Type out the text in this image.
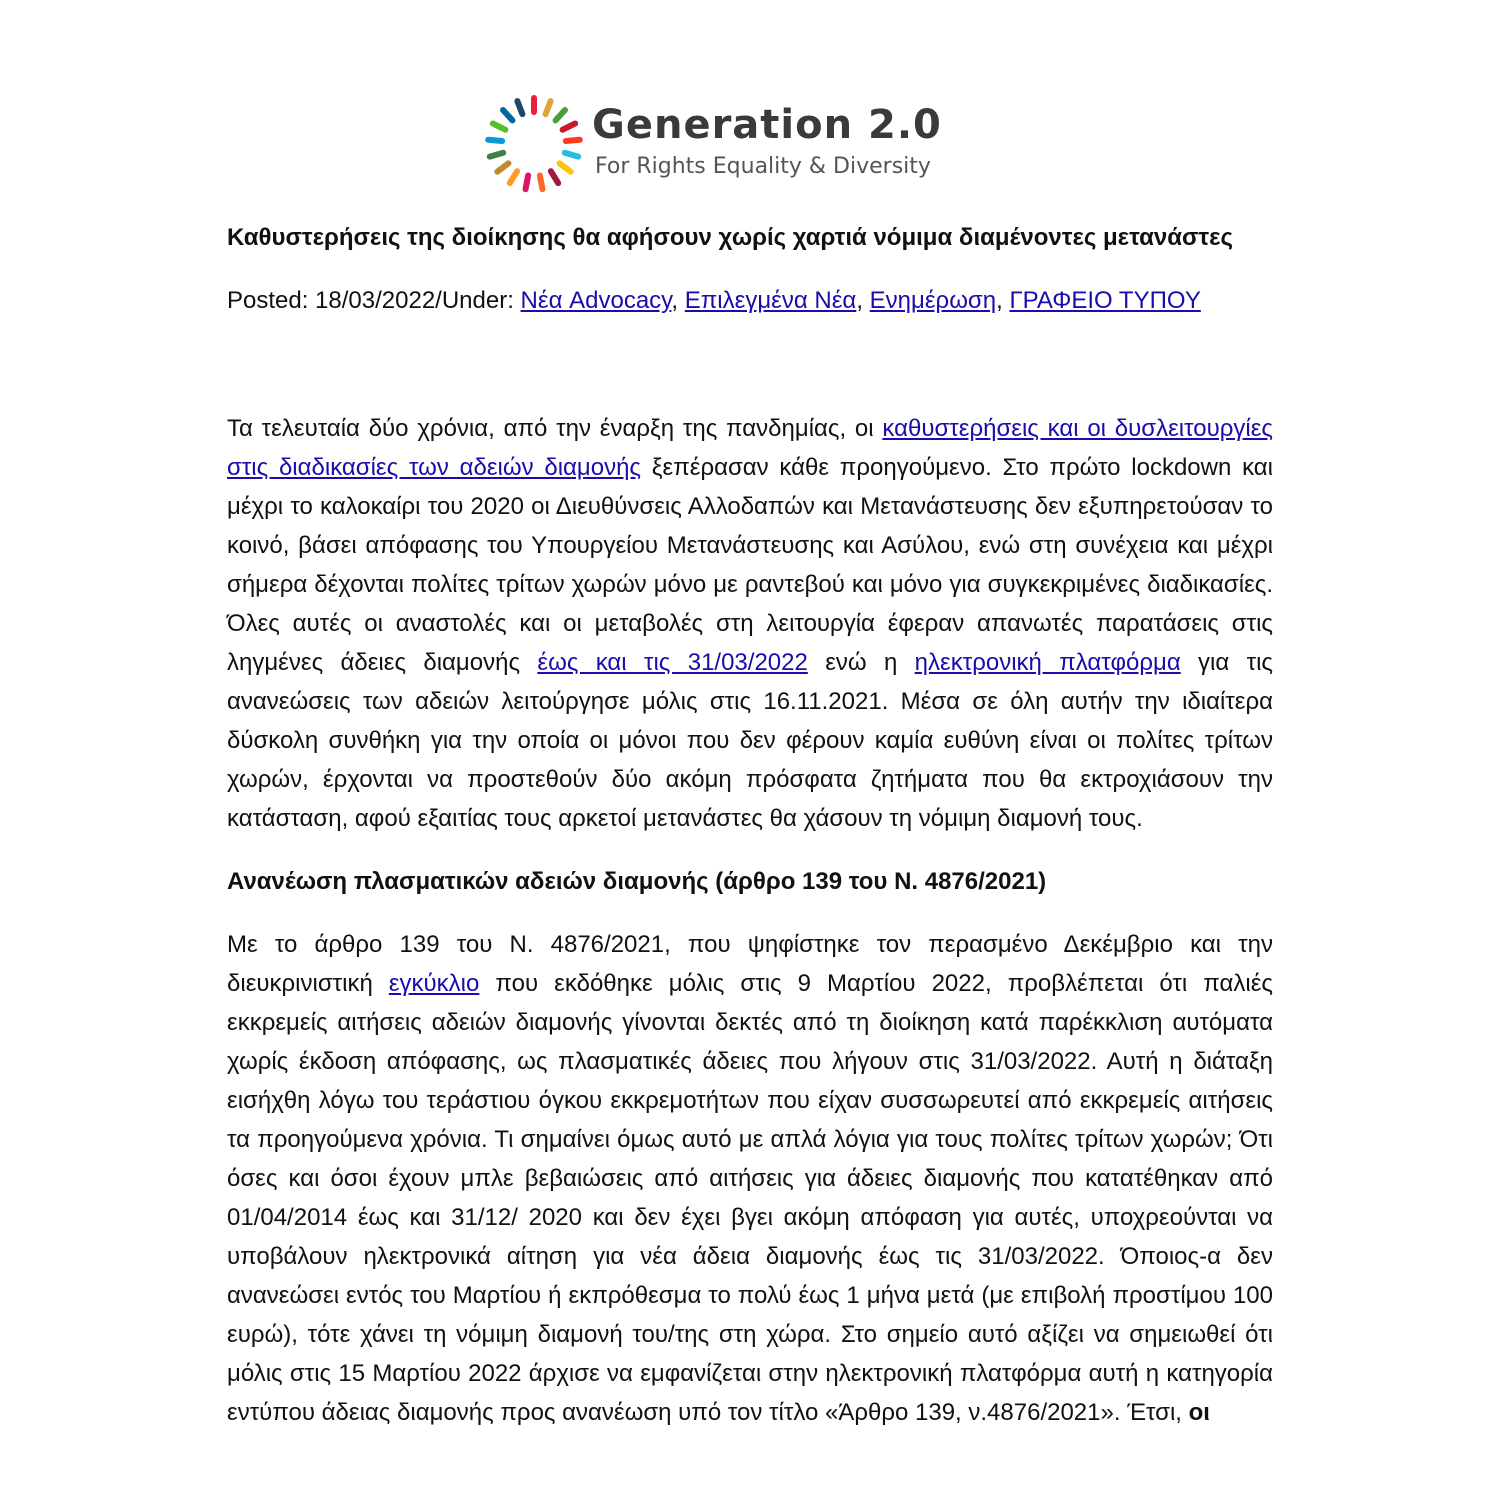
Generation 2.0
For Rights Equality & Diversity

Καθυστερήσεις της διοίκησης θα αφήσουν χωρίς χαρτιά νόμιμα διαμένοντες μετανάστες

Posted: 18/03/2022/Under: Νέα Advocacy, Επιλεγμένα Νέα, Ενημέρωση, ΓΡΑΦΕΙΟ ΤΥΠΟΥ

Τα τελευταία δύο χρόνια, από την έναρξη της πανδημίας, οι καθυστερήσεις και οι δυσλειτουργίες στις διαδικασίες των αδειών διαμονής ξεπέρασαν κάθε προηγούμενο. Στο πρώτο lockdown και μέχρι το καλοκαίρι του 2020 οι Διευθύνσεις Αλλοδαπών και Μετανάστευσης δεν εξυπηρετούσαν το κοινό, βάσει απόφασης του Υπουργείου Μετανάστευσης και Ασύλου, ενώ στη συνέχεια και μέχρι σήμερα δέχονται πολίτες τρίτων χωρών μόνο με ραντεβού και μόνο για συγκεκριμένες διαδικασίες. Όλες αυτές οι αναστολές και οι μεταβολές στη λειτουργία έφεραν απανωτές παρατάσεις στις ληγμένες άδειες διαμονής έως και τις 31/03/2022 ενώ η ηλεκτρονική πλατφόρμα για τις ανανεώσεις των αδειών λειτούργησε μόλις στις 16.11.2021. Μέσα σε όλη αυτήν την ιδιαίτερα δύσκολη συνθήκη για την οποία οι μόνοι που δεν φέρουν καμία ευθύνη είναι οι πολίτες τρίτων χωρών, έρχονται να προστεθούν δύο ακόμη πρόσφατα ζητήματα που θα εκτροχιάσουν την κατάσταση, αφού εξαιτίας τους αρκετοί μετανάστες θα χάσουν τη νόμιμη διαμονή τους.

Ανανέωση πλασματικών αδειών διαμονής (άρθρο 139 του Ν. 4876/2021)

Με το άρθρο 139 του Ν. 4876/2021, που ψηφίστηκε τον περασμένο Δεκέμβριο και την διευκρινιστική εγκύκλιο που εκδόθηκε μόλις στις 9 Μαρτίου 2022, προβλέπεται ότι παλιές εκκρεμείς αιτήσεις αδειών διαμονής γίνονται δεκτές από τη διοίκηση κατά παρέκκλιση αυτόματα χωρίς έκδοση απόφασης, ως πλασματικές άδειες που λήγουν στις 31/03/2022. Αυτή η διάταξη εισήχθη λόγω του τεράστιου όγκου εκκρεμοτήτων που είχαν συσσωρευτεί από εκκρεμείς αιτήσεις τα προηγούμενα χρόνια. Τι σημαίνει όμως αυτό με απλά λόγια για τους πολίτες τρίτων χωρών; Ότι όσες και όσοι έχουν μπλε βεβαιώσεις από αιτήσεις για άδειες διαμονής που κατατέθηκαν από 01/04/2014 έως και 31/12/ 2020 και δεν έχει βγει ακόμη απόφαση για αυτές, υποχρεούνται να υποβάλουν ηλεκτρονικά αίτηση για νέα άδεια διαμονής έως τις 31/03/2022. Όποιος-α δεν ανανεώσει εντός του Μαρτίου ή εκπρόθεσμα το πολύ έως 1 μήνα μετά (με επιβολή προστίμου 100 ευρώ), τότε χάνει τη νόμιμη διαμονή του/της στη χώρα. Στο σημείο αυτό αξίζει να σημειωθεί ότι μόλις στις 15 Μαρτίου 2022 άρχισε να εμφανίζεται στην ηλεκτρονική πλατφόρμα αυτή η κατηγορία εντύπου άδειας διαμονής προς ανανέωση υπό τον τίτλο «Άρθρο 139, ν.4876/2021». Έτσι, οι
